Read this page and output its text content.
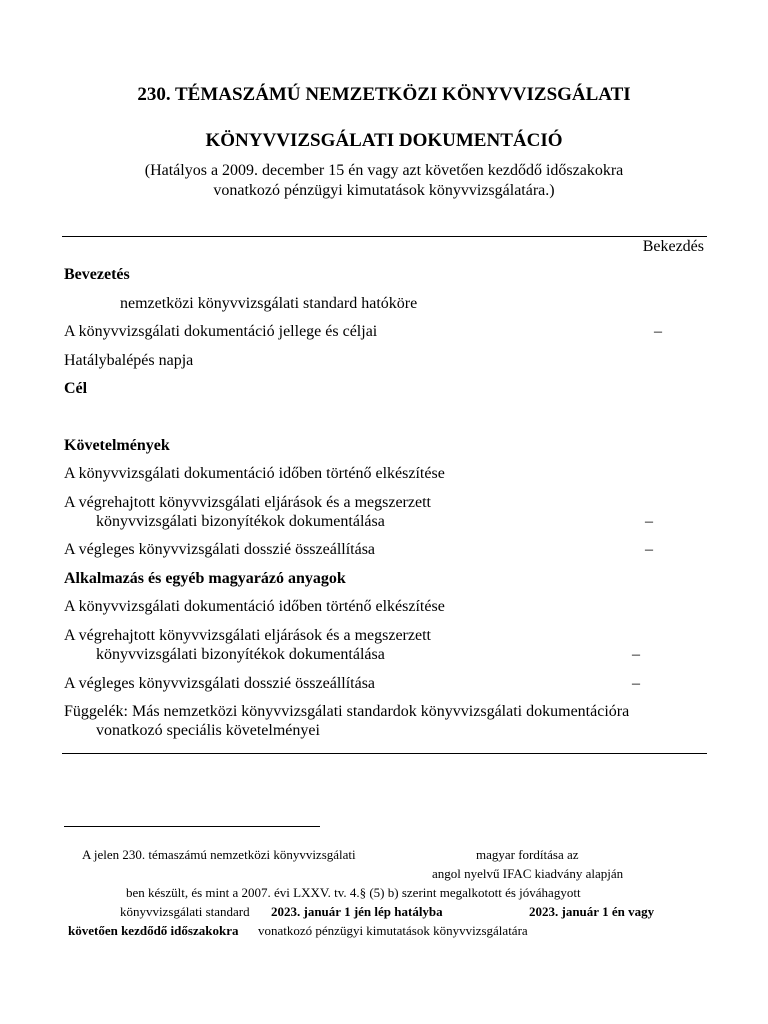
230. TÉMASZÁMÚ NEMZETKÖZI KÖNYVVIZSGÁLATI
KÖNYVVIZSGÁLATI DOKUMENTÁCIÓ
(Hatályos a 2009. december 15 én vagy azt követően kezdődő időszakokra
vonatkozó pénzügyi kimutatások könyvvizsgálatára.)
Bekezdés
Bevezetés
nemzetközi könyvvizsgálati standard hatóköre
A könyvvizsgálati dokumentáció jellege és céljai	–
Hatálybalépés napja
Cél
Követelmények
A könyvvizsgálati dokumentáció időben történő elkészítése
A végrehajtott könyvvizsgálati eljárások és a megszerzett
könyvvizsgálati bizonyítékok dokumentálása	–
A végleges könyvvizsgálati dosszié összeállítása	–
Alkalmazás és egyéb magyarázó anyagok
A könyvvizsgálati dokumentáció időben történő elkészítése
A végrehajtott könyvvizsgálati eljárások és a megszerzett
könyvvizsgálati bizonyítékok dokumentálása	–
A végleges könyvvizsgálati dosszié összeállítása	–
Függelék: Más nemzetközi könyvvizsgálati standardok könyvvizsgálati dokumentációra
vonatkozó speciális követelményei
A jelen 230. témaszámú nemzetközi könyvvizsgálati	magyar fordítása az
angol nyelvű IFAC kiadvány alapján
ben készült, és mint a 2007. évi LXXV. tv. 4.§ (5) b) szerint megalkotott és jóváhagyott
könyvvizsgálati standard 2023. január 1 jén lép hatályba	2023. január 1 én vagy
követően kezdődő időszakokra vonatkozó pénzügyi kimutatások könyvvizsgálatára
